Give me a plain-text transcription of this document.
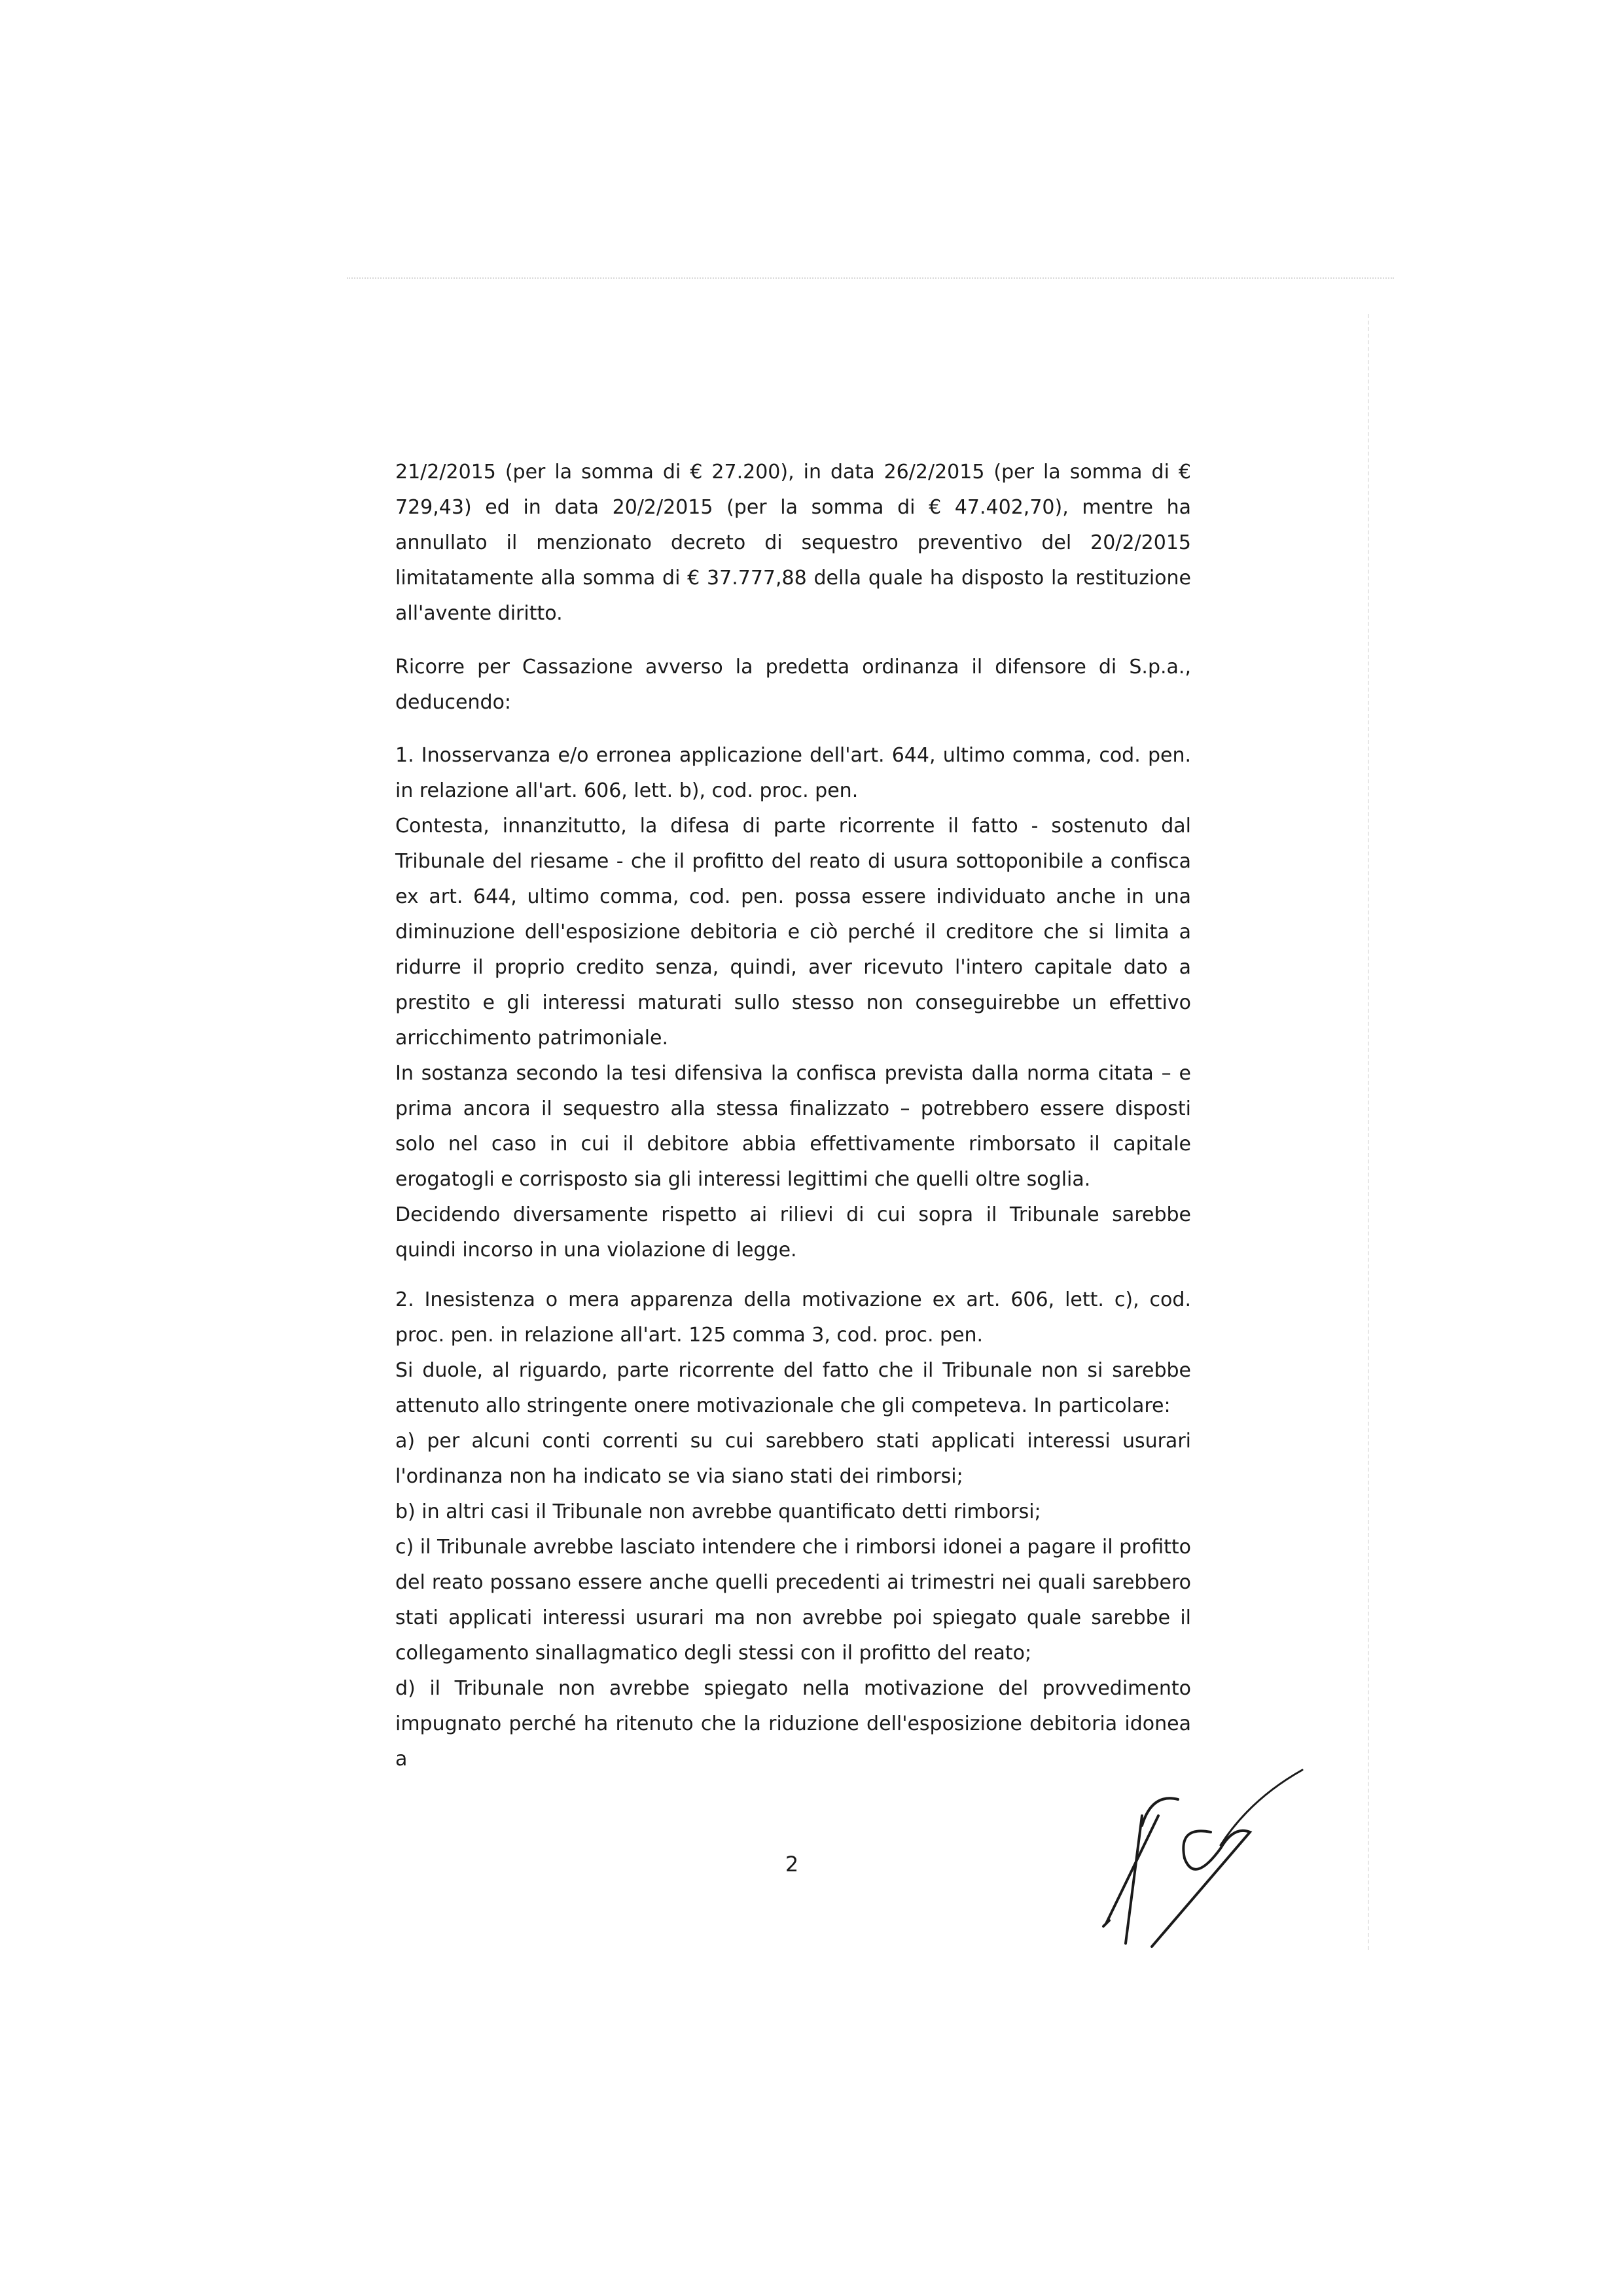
21/2/2015 (per la somma di € 27.200), in data 26/2/2015 (per la somma di € 729,43) ed in data 20/2/2015 (per la somma di € 47.402,70), mentre ha annullato il menzionato decreto di sequestro preventivo del 20/2/2015 limitatamente alla somma di € 37.777,88 della quale ha disposto la restituzione all'avente diritto.

Ricorre per Cassazione avverso la predetta ordinanza il difensore di S.p.a., deducendo:

1. Inosservanza e/o erronea applicazione dell'art. 644, ultimo comma, cod. pen. in relazione all'art. 606, lett. b), cod. proc. pen.

Contesta, innanzitutto, la difesa di parte ricorrente il fatto - sostenuto dal Tribunale del riesame - che il profitto del reato di usura sottoponibile a confisca ex art. 644, ultimo comma, cod. pen. possa essere individuato anche in una diminuzione dell'esposizione debitoria e ciò perché il creditore che si limita a ridurre il proprio credito senza, quindi, aver ricevuto l'intero capitale dato a prestito e gli interessi maturati sullo stesso non conseguirebbe un effettivo arricchimento patrimoniale.

In sostanza secondo la tesi difensiva la confisca prevista dalla norma citata – e prima ancora il sequestro alla stessa finalizzato – potrebbero essere disposti solo nel caso in cui il debitore abbia effettivamente rimborsato il capitale erogatogli e corrisposto sia gli interessi legittimi che quelli oltre soglia.

Decidendo diversamente rispetto ai rilievi di cui sopra il Tribunale sarebbe quindi incorso in una violazione di legge.

2. Inesistenza o mera apparenza della motivazione ex art. 606, lett. c), cod. proc. pen. in relazione all'art. 125 comma 3, cod. proc. pen.

Si duole, al riguardo, parte ricorrente del fatto che il Tribunale non si sarebbe attenuto allo stringente onere motivazionale che gli competeva. In particolare:

a) per alcuni conti correnti su cui sarebbero stati applicati interessi usurari l'ordinanza non ha indicato se via siano stati dei rimborsi;

b) in altri casi il Tribunale non avrebbe quantificato detti rimborsi;

c) il Tribunale avrebbe lasciato intendere che i rimborsi idonei a pagare il profitto del reato possano essere anche quelli precedenti ai trimestri nei quali sarebbero stati applicati interessi usurari ma non avrebbe poi spiegato quale sarebbe il collegamento sinallagmatico degli stessi con il profitto del reato;

d) il Tribunale non avrebbe spiegato nella motivazione del provvedimento impugnato perché ha ritenuto che la riduzione dell'esposizione debitoria idonea a

2
